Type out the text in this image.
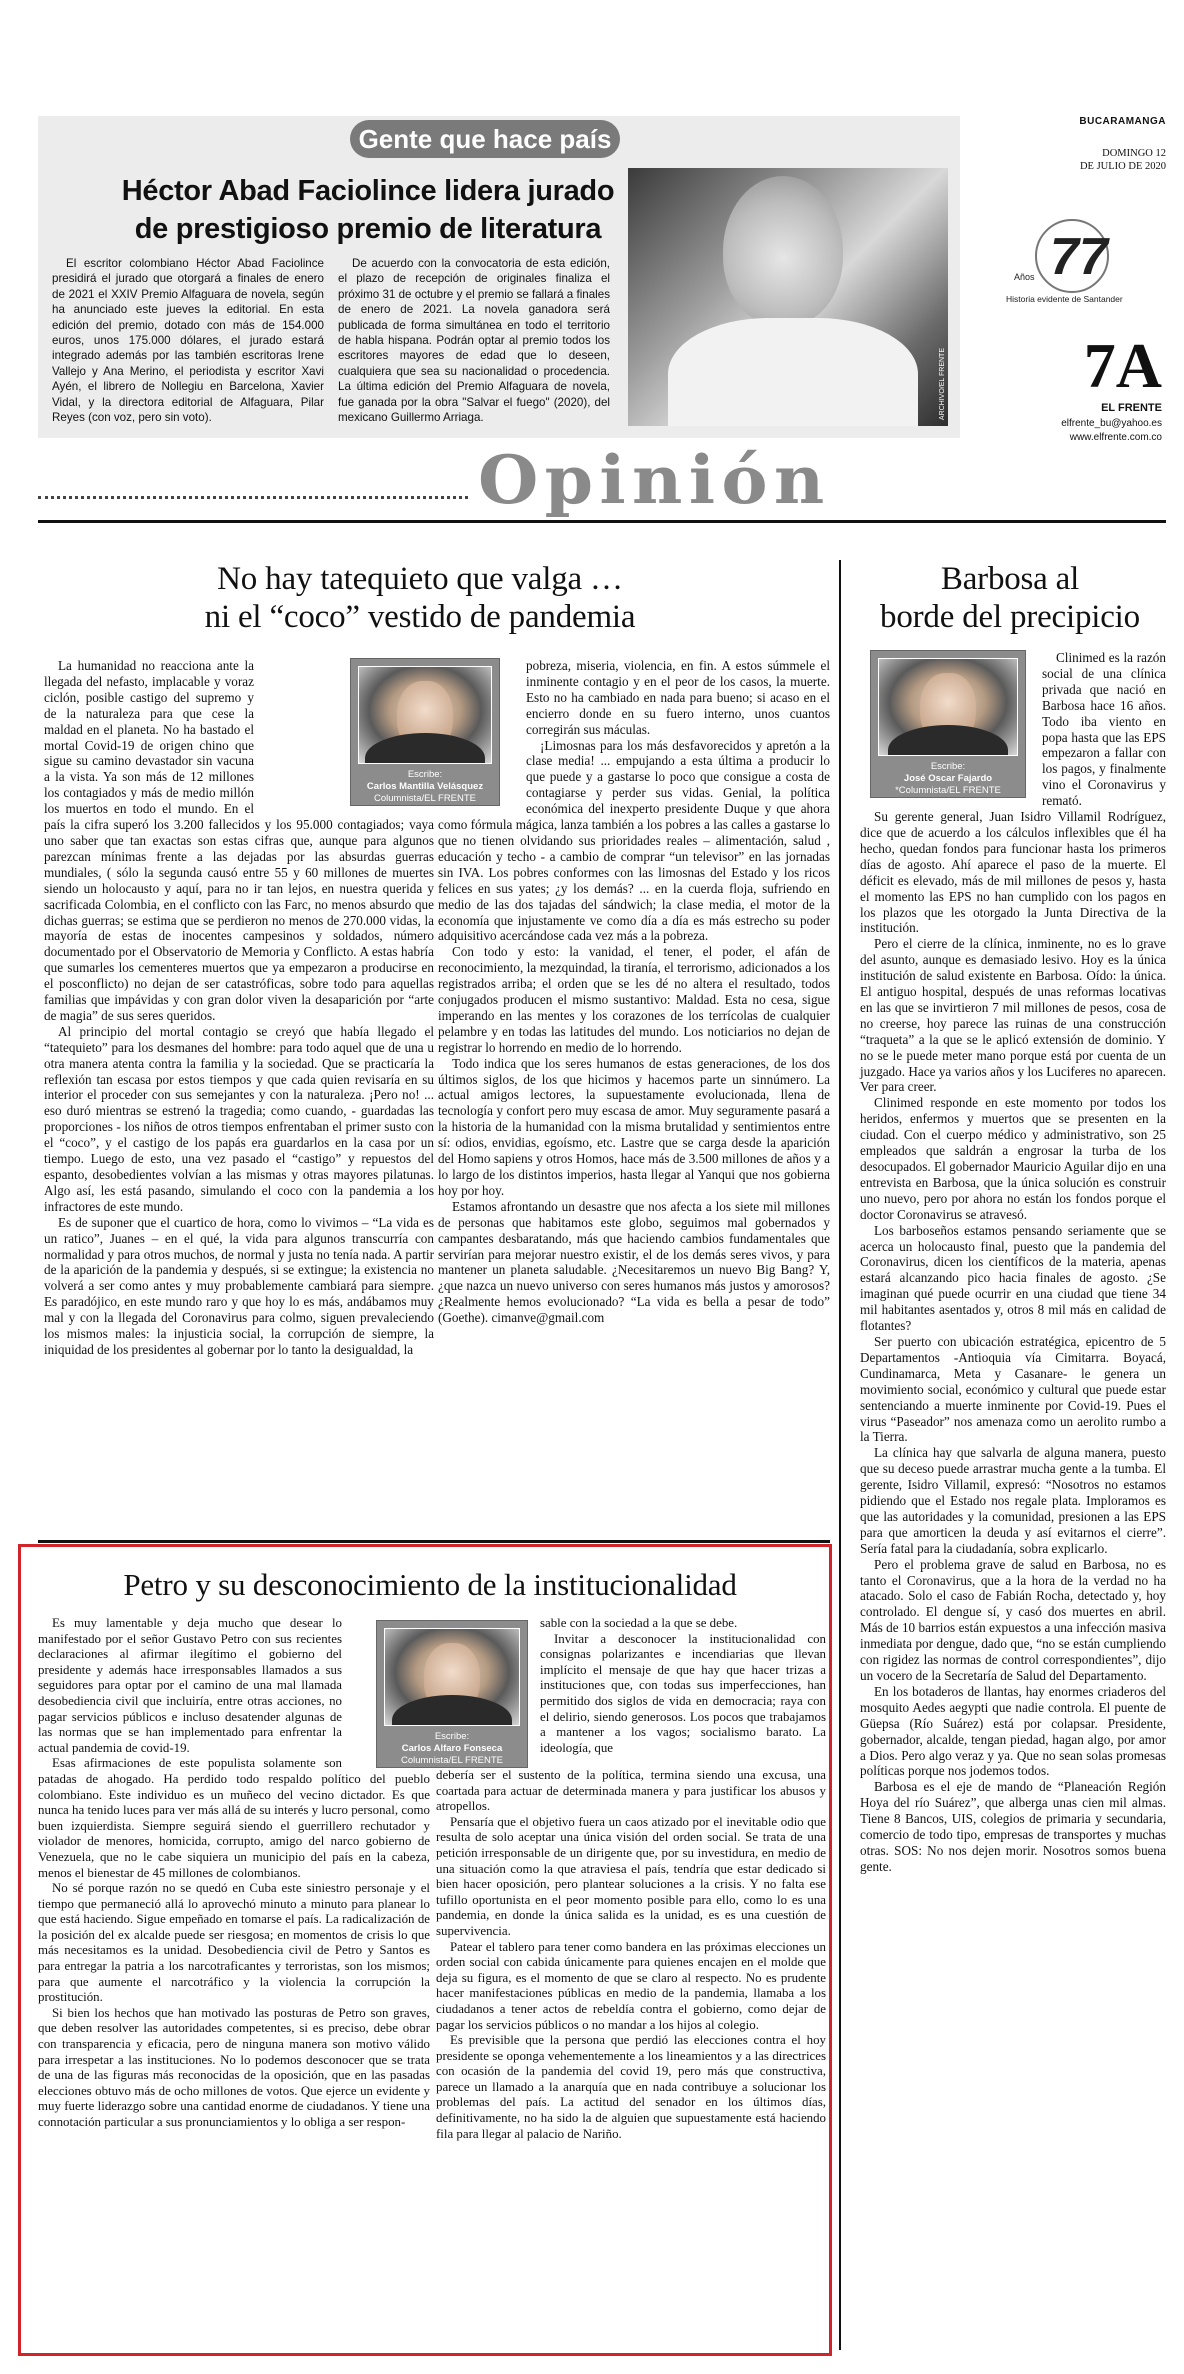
Gente que hace país
Héctor Abad Faciolince lidera jurado
de prestigioso premio de literatura
El escritor colombiano Héctor Abad Faciolince presidirá el jurado que otorgará a finales de enero de 2021 el XXIV Premio Alfaguara de novela, según ha anunciado este jueves la editorial. En esta edición del premio, dotado con más de 154.000 euros, unos 175.000 dólares, el jurado estará integrado además por las también escritoras Irene Vallejo y Ana Merino, el periodista y escritor Xavi Ayén, el librero de Nollegiu en Barcelona, Xavier Vidal, y la directora editorial de Alfaguara, Pilar Reyes (con voz, pero sin voto).
De acuerdo con la convocatoria de esta edición, el plazo de recepción de originales finaliza el próximo 31 de octubre y el premio se fallará a finales de enero de 2021. La novela ganadora será publicada de forma simultánea en todo el territorio de habla hispana. Podrán optar al premio todos los escritores mayores de edad que lo deseen, cualquiera que sea su nacionalidad o procedencia. La última edición del Premio Alfaguara de novela, fue ganada por la obra "Salvar el fuego" (2020), del mexicano Guillermo Arriaga.	ARCHIVO/EL FRENTE
BUCARAMANGA
DOMINGO 12
DE JULIO DE 2020
77
Años
Historia evidente de Santander
7A
EL FRENTE
elfrente_bu@yahoo.es
www.elfrente.com.co
Opinión
No hay tatequieto que valga …
ni el “coco” vestido de pandemia

La humanidad no reacciona ante la llegada del nefasto, implacable y voraz ciclón, posible castigo del supremo y de la naturaleza para que cese la maldad en el planeta. No ha bastado el mortal Covid-19 de origen chino que sigue su camino devastador sin vacuna a la vista. Ya son más de 12 millones los contagiados y más de medio millón los muertos en todo el mundo. En el país la cifra superó los 3.200 fallecidos y los 95.000 contagiados; vaya uno saber que tan exactas son estas cifras que, aunque para algunos parezcan mínimas frente a las dejadas por las absurdas guerras mundiales, ( sólo la segunda causó entre 55 y 60 millones de muertes siendo un holocausto y aquí, para no ir tan lejos, en nuestra querida y sacrificada Colombia, en el conflicto con las Farc, no menos absurdo que dichas guerras; se estima que se perdieron no menos de 270.000 vidas, la mayoría de estas de inocentes campesinos y soldados, número documentado por el Observatorio de Memoria y Conflicto. A estas habría que sumarles los cementeres muertos que ya empezaron a producirse en el posconflicto) no dejan de ser catastróficas, sobre todo para aquellas familias que impávidas y con gran dolor viven la desaparición por “arte de magia” de sus seres queridos.

Al principio del mortal contagio se creyó que había llegado el “tatequieto” para los desmanes del hombre: para todo aquel que de una u otra manera atenta contra la familia y la sociedad. Que se practicaría la reflexión tan escasa por estos tiempos y que cada quien revisaría en su interior el proceder con sus semejantes y con la naturaleza. ¡Pero no! ... eso duró mientras se estrenó la tragedia; como cuando, - guardadas las proporciones - los niños de otros tiempos enfrentaban el primer susto con el “coco”, y el castigo de los papás era guardarlos en la casa por un tiempo. Luego de esto, una vez pasado el “castigo” y repuestos del espanto, desobedientes volvían a las mismas y otras mayores pilatunas. Algo así, les está pasando, simulando el coco con la pandemia a los infractores de este mundo.

Es de suponer que el cuartico de hora, como lo vivimos – “La vida es un ratico”, Juanes – en el qué, la vida para algunos transcurría con normalidad y para otros muchos, de normal y justa no tenía nada. A partir de la aparición de la pandemia y después, si se extingue; la existencia no volverá a ser como antes y muy probablemente cambiará para siempre. Es paradójico, en este mundo raro y que hoy lo es más, andábamos muy mal y con la llegada del Coronavirus para colmo, siguen prevaleciendo los mismos males: la injusticia social, la corrupción de siempre, la iniquidad de los presidentes al gobernar por lo tanto la desigualdad, la

Escribe:
Carlos Mantilla Velásquez
Columnista/EL FRENTE

pobreza, miseria, violencia, en fin. A estos súmmele el inminente contagio y en el peor de los casos, la muerte. Esto no ha cambiado en nada para bueno; si acaso en el encierro donde en su fuero interno, unos cuantos corregirán sus máculas.

¡Limosnas para los más desfavorecidos y apretón a la clase media! ... empujando a esta última a producir lo que puede y a gastarse lo poco que consigue a costa de contagiarse y perder sus vidas. Genial, la política económica del inexperto presidente Duque y que ahora como fórmula mágica, lanza también a los pobres a las calles a gastarse lo que no tienen olvidando sus prioridades reales – alimentación, salud , educación y techo - a cambio de comprar “un televisor” en las jornadas sin IVA. Los pobres conformes con las limosnas del Estado y los ricos felices en sus yates; ¿y los demás? ... en la cuerda floja, sufriendo en medio de las dos tajadas del sándwich; la clase media, el motor de la economía que injustamente ve como día a día es más estrecho su poder adquisitivo acercándose cada vez más a la pobreza.

Con todo y esto: la vanidad, el tener, el poder, el afán de reconocimiento, la mezquindad, la tiranía, el terrorismo, adicionados a los registrados arriba; el orden que se les dé no altera el resultado, todos conjugados producen el mismo sustantivo: Maldad. Esta no cesa, sigue imperando en las mentes y los corazones de los terrícolas de cualquier pelambre y en todas las latitudes del mundo. Los noticiarios no dejan de registrar lo horrendo en medio de lo horrendo.

Todo indica que los seres humanos de estas generaciones, de los dos últimos siglos, de los que hicimos y hacemos parte un sinnúmero. La actual amigos lectores, la supuestamente evolucionada, llena de tecnología y confort pero muy escasa de amor. Muy seguramente pasará a la historia de la humanidad con la misma brutalidad y sentimientos entre sí: odios, envidias, egoísmo, etc. Lastre que se carga desde la aparición del Homo sapiens y otros Homos, hace más de 3.500 millones de años y a lo largo de los distintos imperios, hasta llegar al Yanqui que nos gobierna hoy por hoy.

Estamos afrontando un desastre que nos afecta a los siete mil millones de personas que habitamos este globo, seguimos mal gobernados y campantes desbaratando, más que haciendo cambios fundamentales que servirían para mejorar nuestro existir, el de los demás seres vivos, y para mantener un planeta saludable. ¿Necesitaremos un nuevo Big Bang? Y, ¿que nazca un nuevo universo con seres humanos más justos y amorosos? ¿Realmente hemos evolucionado? “La vida es bella a pesar de todo” (Goethe). cimanve@gmail.com

Barbosa al
borde del precipicio
Escribe:
José Oscar Fajardo
*Columnista/EL FRENTE

Clinimed es la razón social de una clínica privada que nació en Barbosa hace 16 años. Todo iba viento en popa hasta que las EPS empezaron a fallar con los pagos, y finalmente vino el Coronavirus y remató.

Su gerente general, Juan Isidro Villamil Rodríguez, dice que de acuerdo a los cálculos inflexibles que él ha hecho, quedan fondos para funcionar hasta los primeros días de agosto. Ahí aparece el paso de la muerte. El déficit es elevado, más de mil millones de pesos y, hasta el momento las EPS no han cumplido con los pagos en los plazos que les otorgado la Junta Directiva de la institución.

Pero el cierre de la clínica, inminente, no es lo grave del asunto, aunque es demasiado lesivo. Hoy es la única institución de salud existente en Barbosa. Oído: la única. El antiguo hospital, después de unas reformas locativas en las que se invirtieron 7 mil millones de pesos, cosa de no creerse, hoy parece las ruinas de una construcción “traqueta” a la que se le aplicó extensión de dominio. Y no se le puede meter mano porque está por cuenta de un juzgado. Hace ya varios años y los Luciferes no aparecen. Ver para creer.

Clinimed responde en este momento por todos los heridos, enfermos y muertos que se presenten en la ciudad. Con el cuerpo médico y administrativo, son 25 empleados que saldrán a engrosar la turba de los desocupados. El gobernador Mauricio Aguilar dijo en una entrevista en Barbosa, que la única solución es construir uno nuevo, pero por ahora no están los fondos porque el doctor Coronavirus se atravesó.

Los barboseños estamos pensando seriamente que se acerca un holocausto final, puesto que la pandemia del Coronavirus, dicen los científicos de la materia, apenas estará alcanzando pico hacia finales de agosto. ¿Se imaginan qué puede ocurrir en una ciudad que tiene 34 mil habitantes asentados y, otros 8 mil más en calidad de flotantes?

Ser puerto con ubicación estratégica, epicentro de 5 Departamentos -Antioquia vía Cimitarra. Boyacá, Cundinamarca, Meta y Casanare- le genera un movimiento social, económico y cultural que puede estar sentenciando a muerte inminente por Covid-19. Pues el virus “Paseador” nos amenaza como un aerolito rumbo a la Tierra.

La clínica hay que salvarla de alguna manera, puesto que su deceso puede arrastrar mucha gente a la tumba. El gerente, Isidro Villamil, expresó: “Nosotros no estamos pidiendo que el Estado nos regale plata. Imploramos es que las autoridades y la comunidad, presionen a las EPS para que amorticen la deuda y así evitarnos el cierre”. Sería fatal para la ciudadanía, sobra explicarlo.

Pero el problema grave de salud en Barbosa, no es tanto el Coronavirus, que a la hora de la verdad no ha atacado. Solo el caso de Fabián Rocha, detectado y, hoy controlado. El dengue sí, y casó dos muertes en abril. Más de 10 barrios están expuestos a una infección masiva inmediata por dengue, dado que, “no se están cumpliendo con rigidez las normas de control correspondientes”, dijo un vocero de la Secretaría de Salud del Departamento.

En los botaderos de llantas, hay enormes criaderos del mosquito Aedes aegypti que nadie controla. El puente de Güepsa (Río Suárez) está por colapsar. Presidente, gobernador, alcalde, tengan piedad, hagan algo, por amor a Dios. Pero algo veraz y ya. Que no sean solas promesas políticas porque nos jodemos todos.

Barbosa es el eje de mando de “Planeación Región Hoya del río Suárez”, que alberga unas cien mil almas. Tiene 8 Bancos, UIS, colegios de primaria y secundaria, comercio de todo tipo, empresas de transportes y muchas otras. SOS: No nos dejen morir. Nosotros somos buena gente.

Petro y su desconocimiento de la institucionalidad

Es muy lamentable y deja mucho que desear lo manifestado por el señor Gustavo Petro con sus recientes declaraciones al afirmar ilegítimo el gobierno del presidente y además hace irresponsables llamados a sus seguidores para optar por el camino de una mal llamada desobediencia civil que incluiría, entre otras acciones, no pagar servicios públicos e incluso desatender algunas de las normas que se han implementado para enfrentar la actual pandemia de covid-19.

Esas afirmaciones de este populista solamente son patadas de ahogado. Ha perdido todo respaldo político del pueblo colombiano. Este individuo es un muñeco del vecino dictador. Es que nunca ha tenido luces para ver más allá de su interés y lucro personal, como buen izquierdista. Siempre seguirá siendo el guerrillero rechutador y violador de menores, homicida, corrupto, amigo del narco gobierno de Venezuela, que no le cabe siquiera un municipio del país en la cabeza, menos el bienestar de 45 millones de colombianos.

No sé porque razón no se quedó en Cuba este siniestro personaje y el tiempo que permaneció allá lo aprovechó minuto a minuto para planear lo que está haciendo. Sigue empeñado en tomarse el país. La radicalización de la posición del ex alcalde puede ser riesgosa; en momentos de crisis lo que más necesitamos es la unidad. Desobediencia civil de Petro y Santos es para entregar la patria a los narcotraficantes y terroristas, son los mismos; para que aumente el narcotráfico y la violencia la corrupción la prostitución.

Si bien los hechos que han motivado las posturas de Petro son graves, que deben resolver las autoridades competentes, si es preciso, debe obrar con transparencia y eficacia, pero de ninguna manera son motivo válido para irrespetar a las instituciones. No lo podemos desconocer que se trata de una de las figuras más reconocidas de la oposición, que en las pasadas elecciones obtuvo más de ocho millones de votos. Que ejerce un evidente y muy fuerte liderazgo sobre una cantidad enorme de ciudadanos. Y tiene una connotación particular a sus pronunciamientos y lo obliga a ser respon-

Escribe:
Carlos Alfaro Fonseca
Columnista/EL FRENTE

sable con la sociedad a la que se debe.

Invitar a desconocer la institucionalidad con consignas polarizantes e incendiarias que llevan implícito el mensaje de que hay que hacer trizas a instituciones que, con todas sus imperfecciones, han permitido dos siglos de vida en democracia; raya con el delirio, siendo generosos. Los pocos que trabajamos a mantener a los vagos; socialismo barato. La ideología, que

debería ser el sustento de la política, termina siendo una excusa, una coartada para actuar de determinada manera y para justificar los abusos y atropellos.

Pensaría que el objetivo fuera un caos atizado por el inevitable odio que resulta de solo aceptar una única visión del orden social. Se trata de una petición irresponsable de un dirigente que, por su investidura, en medio de una situación como la que atraviesa el país, tendría que estar dedicado si bien hacer oposición, pero plantear soluciones a la crisis. Y no falta ese tufillo oportunista en el peor momento posible para ello, como lo es una pandemia, en donde la única salida es la unidad, es es una cuestión de supervivencia.

Patear el tablero para tener como bandera en las próximas elecciones un orden social con cabida únicamente para quienes encajen en el molde que deja su figura, es el momento de que se claro al respecto. No es prudente hacer manifestaciones públicas en medio de la pandemia, llamaba a los ciudadanos a tener actos de rebeldía contra el gobierno, como dejar de pagar los servicios públicos o no mandar a los hijos al colegio.

Es previsible que la persona que perdió las elecciones contra el hoy presidente se oponga vehementemente a los lineamientos y a las directrices con ocasión de la pandemia del covid 19, pero más que constructiva, parece un llamado a la anarquía que en nada contribuye a solucionar los problemas del país. La actitud del senador en los últimos días, definitivamente, no ha sido la de alguien que supuestamente está haciendo fila para llegar al palacio de Nariño.
